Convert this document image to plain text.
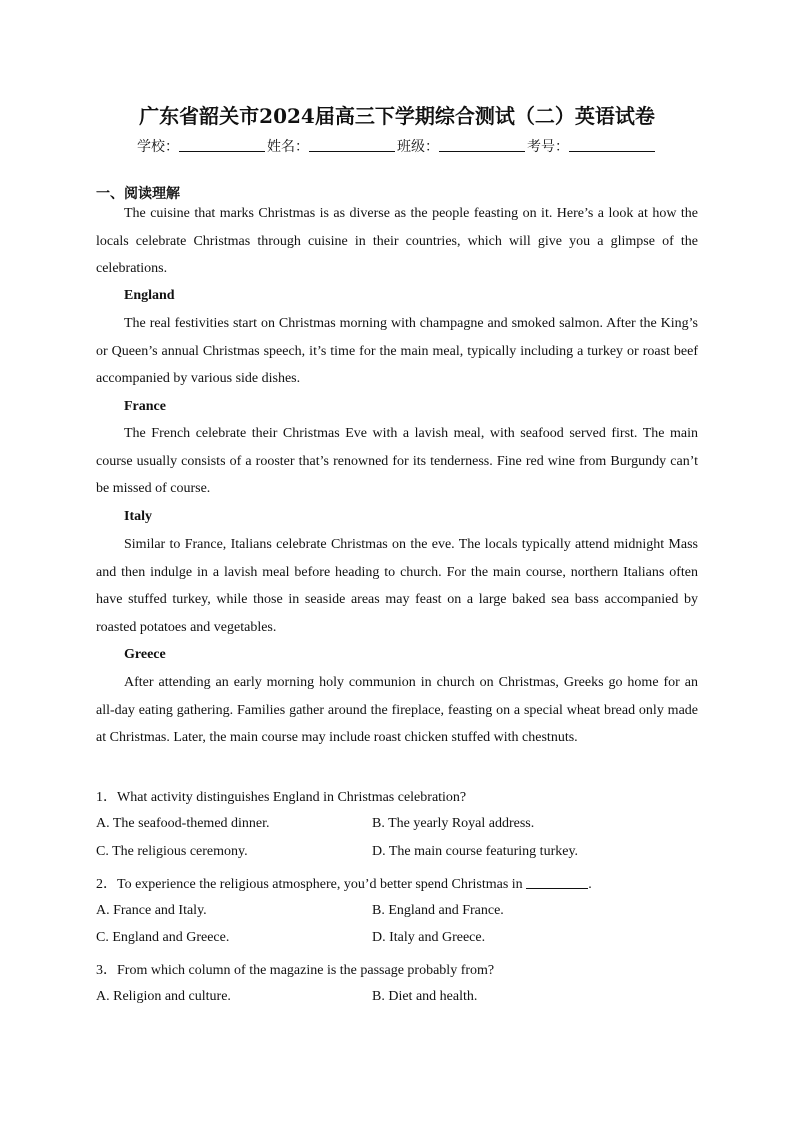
广东省韶关市2024届高三下学期综合测试（二）英语试卷
学校：	姓名：	班级：	考号：
一、阅读理解

The cuisine that marks Christmas is as diverse as the people feasting on it. Here’s a look at how the locals celebrate Christmas through cuisine in their countries, which will give you a glimpse of the celebrations.

England

The real festivities start on Christmas morning with champagne and smoked salmon. After the King’s or Queen’s annual Christmas speech, it’s time for the main meal, typically including a turkey or roast beef accompanied by various side dishes.

France

The French celebrate their Christmas Eve with a lavish meal, with seafood served first. The main course usually consists of a rooster that’s renowned for its tenderness. Fine red wine from Burgundy can’t be missed of course.

Italy

Similar to France, Italians celebrate Christmas on the eve. The locals typically attend midnight Mass and then indulge in a lavish meal before heading to church. For the main course, northern Italians often have stuffed turkey, while those in seaside areas may feast on a large baked sea bass accompanied by roasted potatoes and vegetables.

Greece

After attending an early morning holy communion in church on Christmas, Greeks go home for an all-day eating gathering. Families gather around the fireplace, feasting on a special wheat bread only made at Christmas. Later, the main course may include roast chicken stuffed with chestnuts.

1．What activity distinguishes England in Christmas celebration?
A. The seafood-themed dinner.	B. The yearly Royal address.
C. The religious ceremony.	D. The main course featuring turkey.
2．To experience the religious atmosphere, you’d better spend Christmas in	.
A. France and Italy.	B. England and France.
C. England and Greece.	D. Italy and Greece.
3．From which column of the magazine is the passage probably from?
A. Religion and culture.	B. Diet and health.
